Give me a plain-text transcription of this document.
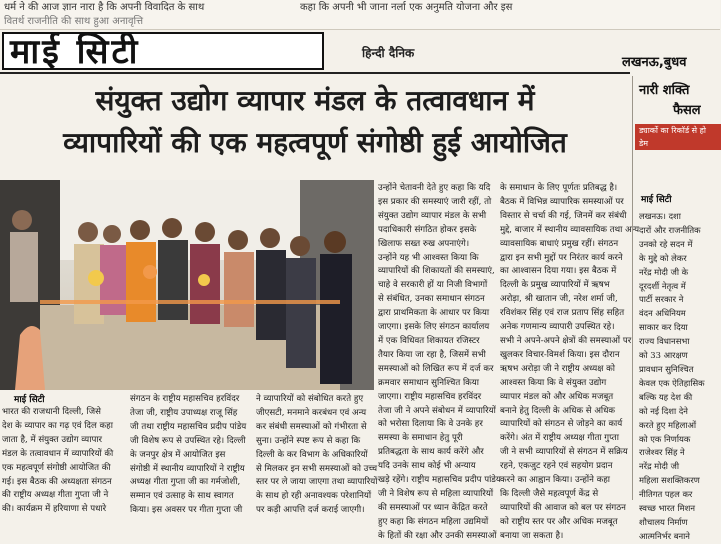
धर्म ने की आज ज्ञान नारा है कि अपनी विवादित के साथ	कहा कि अपनी भी जाना नर्ला एक अनुमति योजना और इस
वितर्थ राजनीति की साथ हुआ अनावृत्ति
माई सिटी	हिन्दी दैनिक
लखनऊ,बुधव
संयुक्त उद्योग व्यापार मंडल के तत्वावधान में
व्यापारियों की एक महत्वपूर्ण संगोष्ठी हुई आयोजित
माई सिटी

भारत की राजधानी दिल्ली, जिसे

देश के व्यापार का गढ़ एवं दिल कहा

जाता है, में संयुक्त उद्योग व्यापार

मंडल के तत्वावधान में व्यापारियों की

एक महत्वपूर्ण संगोष्ठी आयोजित की

गई। इस बैठक की अध्यक्षता संगठन

की राष्ट्रीय अध्यक्ष गीता गुप्ता जी ने

की। कार्यक्रम में हरियाणा से पधारे

संगठन के राष्ट्रीय महासचिव हरविंदर

तेजा जी, राष्ट्रीय उपाध्यक्ष राजू सिंह

जी तथा राष्ट्रीय महासचिव प्रदीप पांडेय

जी विशेष रूप से उपस्थित रहे। दिल्ली

के जनपुर क्षेत्र में आयोजित इस

संगोष्ठी में स्थानीय व्यापारियों ने राष्ट्रीय

अध्यक्ष गीता गुप्ता जी का गर्मजोशी,

सम्मान एवं उत्साह के साथ स्वागत

किया। इस अवसर पर गीता गुप्ता जी

ने व्यापारियों को संबोधित करते हुए

जीएसटी, मनमाने करबंधन एवं अन्य

कर संबंधी समस्याओं को गंभीरता से

सुना। उन्होंने स्पष्ट रूप से कहा कि

दिल्ली के कर विभाग के अधिकारियों

से मिलकर इन सभी समस्याओं को उच्च

स्तर पर ले जाया जाएगा तथा व्यापारियों

के साथ हो रही अनावश्यक परेशानियों

पर कड़ी आपत्ति दर्ज कराई जाएगी।

उन्होंने चेतावनी देते हुए कहा कि यदि

इस प्रकार की समस्याएं जारी रहीं, तो

संयुक्त उद्योग व्यापार मंडल के सभी

पदाधिकारी संगठित होकर इसके

खिलाफ सख्त रुख अपनाएंगे।

उन्होंने यह भी आश्वस्त किया कि

व्यापारियों की शिकायतों की समस्याएं,

चाहे वे सरकारी हों या निजी विभागों

से संबंधित, उनका समाधान संगठन

द्वारा प्राथमिकता के आधार पर किया

जाएगा। इसके लिए संगठन कार्यालय

में एक विधिवत शिकायत रजिस्टर

तैयार किया जा रहा है, जिसमें सभी

समस्याओं को लिखित रूप में दर्ज कर

क्रमवार समाधान सुनिश्चित किया

जाएगा। राष्ट्रीय महासचिव हरविंदर

तेजा जी ने अपने संबोधन में व्यापारियों

को भरोसा दिलाया कि वे उनके हर

समस्या के समाधान हेतु पूरी

प्रतिबद्धता के साथ कार्य करेंगे और

यदि उनके साथ कोई भी अन्याय

खड़े रहेंगे। राष्ट्रीय महासचिव प्रदीप पांडेय

जी ने विशेष रूप से महिला व्यापारियों

की समस्याओं पर ध्यान केंद्रित करते

हुए कहा कि संगठन महिला उद्यमियों

के हितों की रक्षा और उनकी समस्याओं

के समाधान के लिए पूर्णतः प्रतिबद्ध है।

बैठक में विभिन्न व्यापारिक समस्याओं पर

विस्तार से चर्चा की गई, जिनमें कर संबंधी

मुद्दे, बाजार में स्थानीय व्यावसायिक तथा अन्य

व्यावसायिक बाधाएं प्रमुख रहीं। संगठन

द्वारा इन सभी मुद्दों पर निरंतर कार्य करने

का आश्वासन दिया गया। इस बैठक में

दिल्ली के प्रमुख व्यापारियों में ऋषभ

अरोड़ा, श्री खातान जी, नरेश शर्मा जी,

रविशंकर सिंह एवं राज प्रताप सिंह सहित

अनेक गणमान्य व्यापारी उपस्थित रहे।

सभी ने अपने-अपने क्षेत्रों की समस्याओं पर

खुलकर विचार-विमर्श किया। इस दौरान

ऋषभ अरोड़ा जी ने राष्ट्रीय अध्यक्ष को

आश्वस्त किया कि वे संयुक्त उद्योग

व्यापार मंडल को और अधिक मजबूत

बनाने हेतु दिल्ली के अधिक से अधिक

व्यापारियों को संगठन से जोड़ने का कार्य

करेंगे। अंत में राष्ट्रीय अध्यक्ष गीता गुप्ता

जी ने सभी व्यापारियों से संगठन में सक्रिय

रहने, एकजुट रहने एवं सहयोग प्रदान

करने का आह्वान किया। उन्होंने कहा

कि दिल्ली जैसे महत्वपूर्ण केंद्र से

व्यापारियों की आवाज को बल पर संगठन

को राष्ट्रीय स्तर पर और अधिक मजबूत

बनाया जा सकता है।

नारी शक्ति
फैसल
ड्यार्को का रिकॉर्ड से हो
डेम
माई सिटी

लखनऊ। दशा

दारों और राजनीतिक

उनको रहे सदन में

के मुद्दे को लेकर

नरेंद्र मोदी जी के

दूरदर्शी नेतृत्व में

पार्टी सरकार ने

वंदन अधिनियम

साकार कर दिया

राज्य विधानसभा

को 33 आरक्षण

प्रावधान सुनिश्चित

केवल एक ऐतिहासिक

बल्कि यह देश की

को नई दिशा देने

करते हुए महिलाओं

को एक निर्णायक

राजेश्वर सिंह ने

नरेंद्र मोदी जी

महिला सशक्तिकरण

नीतिगत पहल कर

स्वच्छ भारत मिशन

शौचालय निर्माण

आत्मनिर्भर बनाने
